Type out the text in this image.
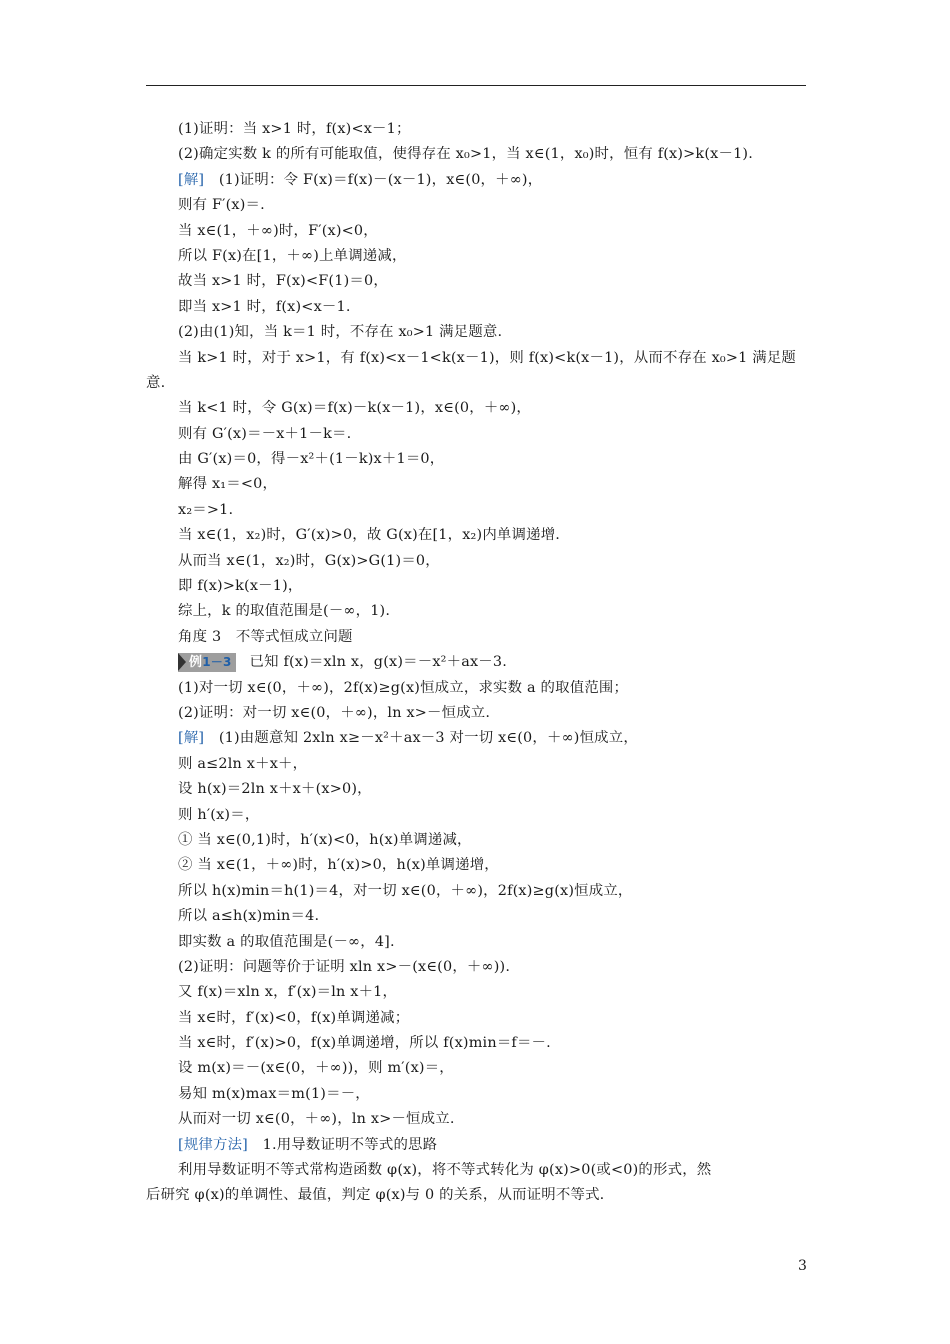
(1)证明：当 x>1 时，f(x)<x－1；
(2)确定实数 k 的所有可能取值，使得存在 x₀>1，当 x∈(1，x₀)时，恒有 f(x)>k(x－1).
[解]　(1)证明：令 F(x)＝f(x)－(x－1)，x∈(0，＋∞)，
则有 F′(x)＝.
当 x∈(1，＋∞)时，F′(x)<0，
所以 F(x)在[1，＋∞)上单调递减，
故当 x>1 时，F(x)<F(1)＝0，
即当 x>1 时，f(x)<x－1.
(2)由(1)知，当 k＝1 时，不存在 x₀>1 满足题意.
当 k>1 时，对于 x>1，有 f(x)<x－1<k(x－1)，则 f(x)<k(x－1)，从而不存在 x₀>1 满足题
意.
当 k<1 时，令 G(x)＝f(x)－k(x－1)，x∈(0，＋∞)，
则有 G′(x)＝－x＋1－k＝.
由 G′(x)＝0，得－x²＋(1－k)x＋1＝0，
解得 x₁＝<0，
x₂＝>1.
当 x∈(1，x₂)时，G′(x)>0，故 G(x)在[1，x₂)内单调递增.
从而当 x∈(1，x₂)时，G(x)>G(1)＝0，
即 f(x)>k(x－1)，
综上，k 的取值范围是(－∞，1).
角度 3　不等式恒成立问题
例1－3 已知 f(x)＝xln x，g(x)＝－x²＋ax－3.
(1)对一切 x∈(0，＋∞)，2f(x)≥g(x)恒成立，求实数 a 的取值范围；
(2)证明：对一切 x∈(0，＋∞)，ln x>－恒成立.
[解]　(1)由题意知 2xln x≥－x²＋ax－3 对一切 x∈(0，＋∞)恒成立，
则 a≤2ln x＋x＋，
设 h(x)＝2ln x＋x＋(x>0)，
则 h′(x)＝，
① 当 x∈(0,1)时，h′(x)<0，h(x)单调递减，
② 当 x∈(1，＋∞)时，h′(x)>0，h(x)单调递增，
所以 h(x)min＝h(1)＝4，对一切 x∈(0，＋∞)，2f(x)≥g(x)恒成立，
所以 a≤h(x)min＝4.
即实数 a 的取值范围是(－∞，4].
(2)证明：问题等价于证明 xln x>－(x∈(0，＋∞)).
又 f(x)＝xln x，f′(x)＝ln x＋1，
当 x∈时，f′(x)<0，f(x)单调递减；
当 x∈时，f′(x)>0，f(x)单调递增，所以 f(x)min＝f＝－.
设 m(x)＝－(x∈(0，＋∞))，则 m′(x)＝，
易知 m(x)max＝m(1)＝－，
从而对一切 x∈(0，＋∞)，ln x>－恒成立.
[规律方法]　1.用导数证明不等式的思路
利用导数证明不等式常构造函数 φ(x)，将不等式转化为 φ(x)>0(或<0)的形式，然
后研究 φ(x)的单调性、最值，判定 φ(x)与 0 的关系，从而证明不等式.
3
